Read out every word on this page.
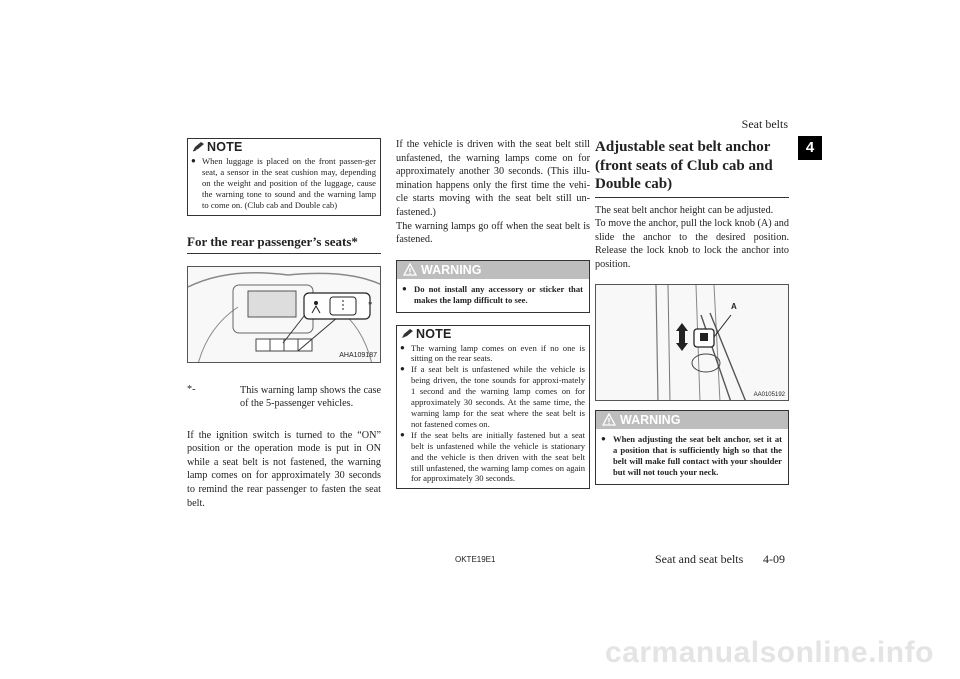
Seat belts
4
NOTE
● When luggage is placed on the front passen-ger seat, a sensor in the seat cushion may, depending on the weight and position of the luggage, cause the warning tone to sound and the warning lamp to come on. (Club cab and Double cab)
For the rear passenger’s seats*
*
AHA109187
*-	This warning lamp shows the case of the 5-passenger vehicles.

If the ignition switch is turned to the “ON” position or the operation mode is put in ON while a seat belt is not fastened, the warning lamp comes on for approximately 30 seconds to remind the rear passenger to fasten the seat belt.

If the vehicle is driven with the seat belt still unfastened, the warning lamps come on for approximately another 30 seconds. (This illu-mination happens only the first time the vehi-cle starts moving with the seat belt still un-fastened.)

The warning lamps go off when the seat belt is fastened.

WARNING
● Do not install any accessory or sticker that makes the lamp difficult to see.
NOTE
● The warning lamp comes on even if no one is sitting on the rear seats.
● If a seat belt is unfastened while the vehicle is being driven, the tone sounds for approxi-mately 1 second and the warning lamp comes on for approximately 30 seconds. At the same time, the warning lamp for the seat where the seat belt is not fastened comes on.
● If the seat belts are initially fastened but a seat belt is unfastened while the vehicle is stationary and the vehicle is then driven with the seat belt still unfastened, the warning lamp comes on again for approximately 30 seconds.
Adjustable seat belt anchor (front seats of Club cab and Double cab)

The seat belt anchor height can be adjusted.

To move the anchor, pull the lock knob (A) and slide the anchor to the desired position. Release the lock knob to lock the anchor into position.

A
AA0105192
WARNING
● When adjusting the seat belt anchor, set it at a position that is sufficiently high so that the belt will make full contact with your shoulder but will not touch your neck.
OKTE19E1	Seat and seat belts 4-09
carmanualsonline.info
